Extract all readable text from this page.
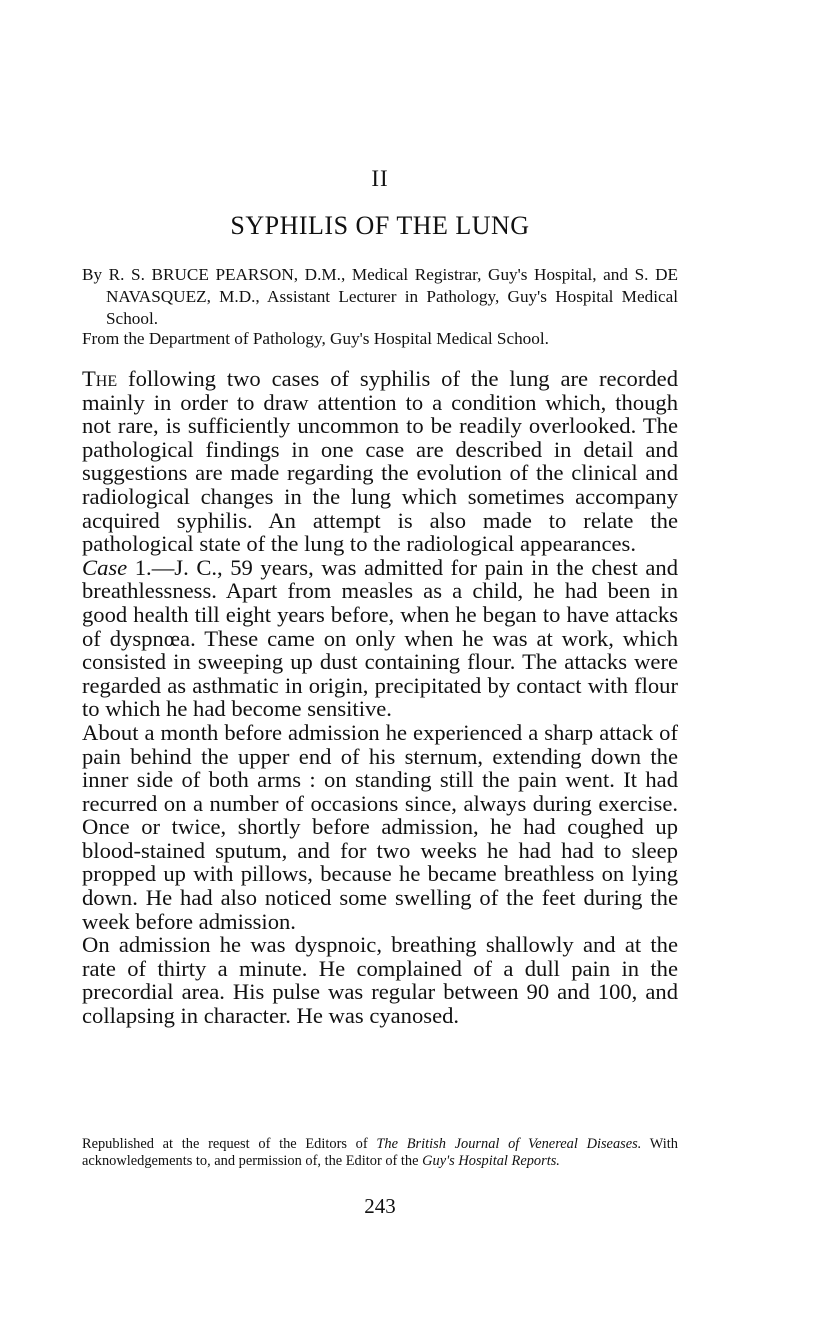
II
SYPHILIS OF THE LUNG
By R. S. BRUCE PEARSON, D.M., Medical Registrar, Guy's Hospital, and S. DE NAVASQUEZ, M.D., Assistant Lecturer in Pathology, Guy's Hospital Medical School.
From the Department of Pathology, Guy's Hospital Medical School.

The following two cases of syphilis of the lung are recorded mainly in order to draw attention to a condition which, though not rare, is sufficiently uncommon to be readily overlooked. The pathological findings in one case are described in detail and suggestions are made regarding the evolution of the clinical and radiological changes in the lung which sometimes accompany acquired syphilis. An attempt is also made to relate the pathological state of the lung to the radiological appearances.

Case 1.—J. C., 59 years, was admitted for pain in the chest and breathlessness. Apart from measles as a child, he had been in good health till eight years before, when he began to have attacks of dyspnœa. These came on only when he was at work, which consisted in sweeping up dust containing flour. The attacks were regarded as asthmatic in origin, precipitated by contact with flour to which he had become sensitive.

About a month before admission he experienced a sharp attack of pain behind the upper end of his sternum, extending down the inner side of both arms : on standing still the pain went. It had recurred on a number of occasions since, always during exercise. Once or twice, shortly before admission, he had coughed up blood-stained sputum, and for two weeks he had had to sleep propped up with pillows, because he became breathless on lying down. He had also noticed some swelling of the feet during the week before admission.

On admission he was dyspnoic, breathing shallowly and at the rate of thirty a minute. He complained of a dull pain in the precordial area. His pulse was regular between 90 and 100, and collapsing in character. He was cyanosed.

Republished at the request of the Editors of The British Journal of Venereal Diseases. With acknowledgements to, and permission of, the Editor of the Guy's Hospital Reports.
243
